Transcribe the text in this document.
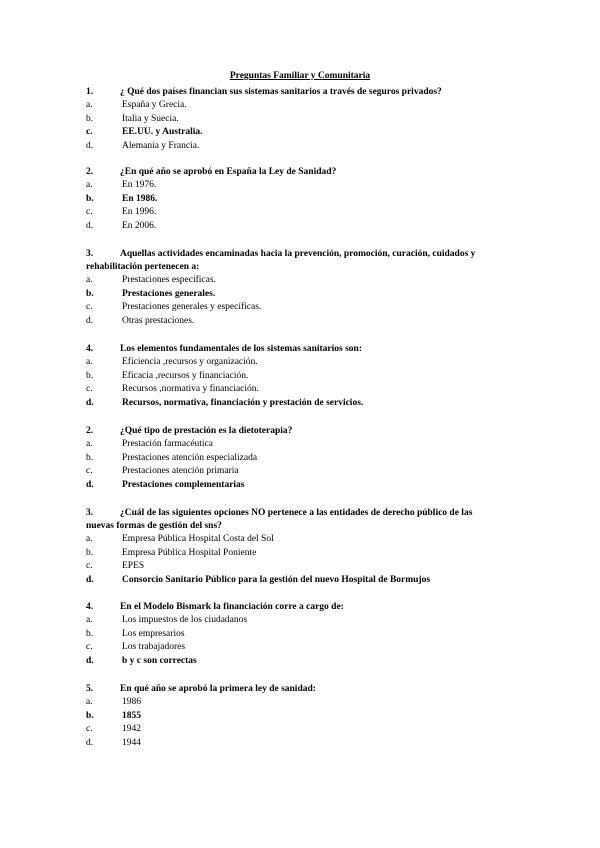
Preguntas Familiar y Comunitaria
1.	¿ Qué dos países financian sus sistemas sanitarios a través de seguros privados?
a.	España y Grecia.
b.	Italia y Suecia.
c.	EE.UU. y Australia.
d.	Alemania y Francia.
2.	¿En qué año se aprobó en España la Ley de Sanidad?
a.	En 1976.
b.	En 1986.
c.	En 1996.
d.	En 2006.
3.	Aquellas actividades encaminadas hacia la prevención, promoción, curación, cuidados y
rehabilitación pertenecen a:
a.	Prestaciones específicas.
b.	Prestaciones generales.
c.	Prestaciones generales y específicas.
d.	Otras prestaciones.
4.	Los elementos fundamentales de los sistemas sanitarios son:
a.	Eficiencia ,recursos y organización.
b.	Eficacia ,recursos y financiación.
c.	Recursos ,normativa y financiación.
d.	Recursos, normativa, financiación y prestación de servicios.
2.	¿Qué tipo de prestación es la dietoterapia?
a.	Prestación farmacéutica
b.	Prestaciones atención especializada
c.	Prestaciones atención primaria
d.	Prestaciones complementarias
3.	¿Cuál de las siguientes opciones NO pertenece a las entidades de derecho público de las
nuevas formas de gestión del sns?
a.	Empresa Pública Hospital Costa del Sol
b.	Empresa Pública Hospital Poniente
c.	EPES
d.	Consorcio Sanitario Público para la gestión del nuevo Hospital de Bormujos
4.	En el Modelo Bismark la financiación corre a cargo de:
a.	Los impuestos de los ciudadanos
b.	Los empresarios
c.	Los trabajadores
d.	b y c son correctas
5.	En qué año se aprobó la primera ley de sanidad:
a.	1986
b.	1855
c.	1942
d.	1944
